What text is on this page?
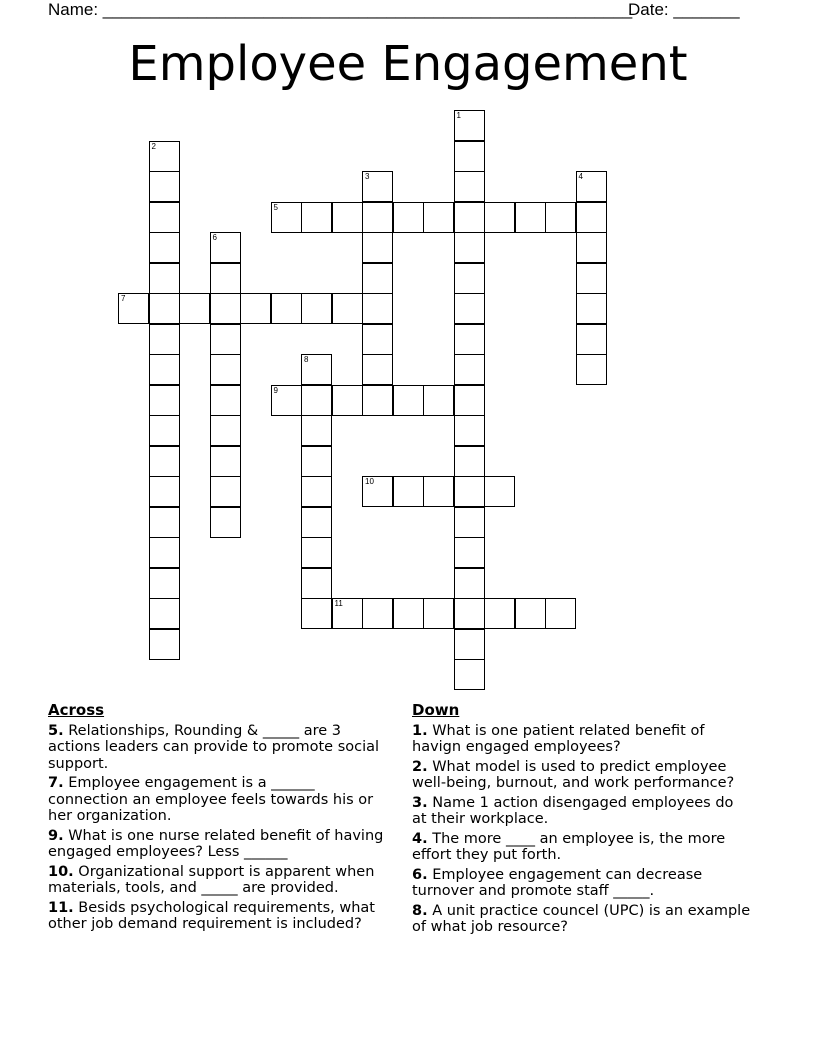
Name: ________________________________________________________
Date: _______
Employee Engagement
1
2
3	4
5
6
7
8
9
10
11
Across
5. Relationships, Rounding & _____ are 3 actions leaders can provide to promote social support.
7. Employee engagement is a ______ connection an employee feels towards his or her organization.
9. What is one nurse related benefit of having engaged employees? Less ______
10. Organizational support is apparent when materials, tools, and _____ are provided.
11. Besids psychological requirements, what other job demand requirement is included?
Down
1. What is one patient related benefit of havign engaged employees?
2. What model is used to predict employee well-being, burnout, and work performance?
3. Name 1 action disengaged employees do at their workplace.
4. The more ____ an employee is, the more effort they put forth.
6. Employee engagement can decrease turnover and promote staff _____.
8. A unit practice councel (UPC) is an example of what job resource?
